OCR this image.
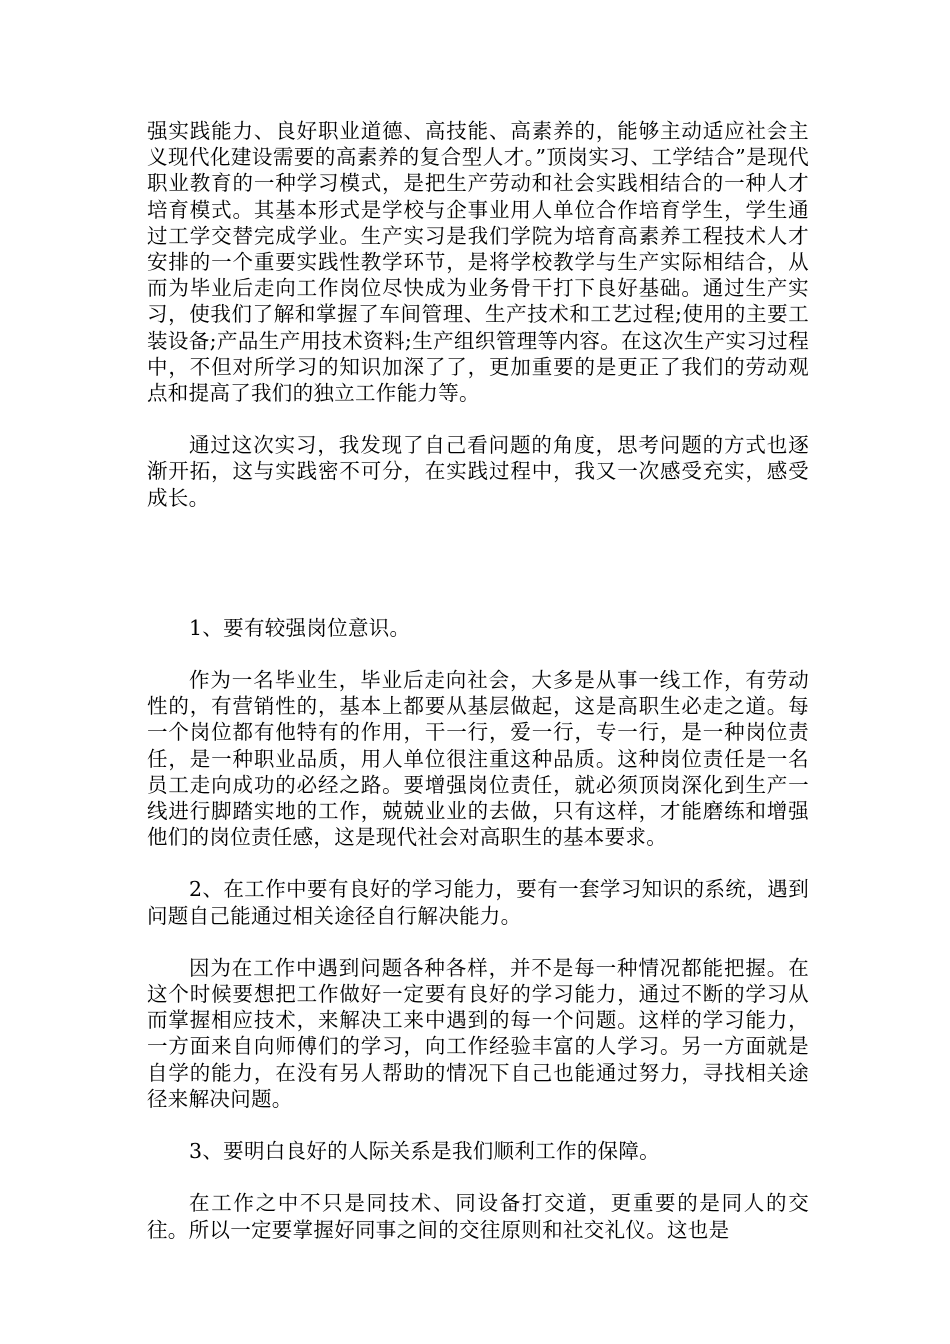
强实践能力、良好职业道德、高技能、高素养的，能够主动适应社会主义现代化建设需要的高素养的复合型人才。”顶岗实习、工学结合”是现代职业教育的一种学习模式，是把生产劳动和社会实践相结合的一种人才培育模式。其基本形式是学校与企事业用人单位合作培育学生，学生通过工学交替完成学业。生产实习是我们学院为培育高素养工程技术人才安排的一个重要实践性教学环节，是将学校教学与生产实际相结合，从而为毕业后走向工作岗位尽快成为业务骨干打下良好基础。通过生产实习，使我们了解和掌握了车间管理、生产技术和工艺过程;使用的主要工装设备;产品生产用技术资料;生产组织管理等内容。在这次生产实习过程中，不但对所学习的知识加深了了，更加重要的是更正了我们的劳动观点和提高了我们的独立工作能力等。

通过这次实习，我发现了自己看问题的角度，思考问题的方式也逐渐开拓，这与实践密不可分，在实践过程中，我又一次感受充实，感受成长。

1、要有较强岗位意识。

作为一名毕业生，毕业后走向社会，大多是从事一线工作，有劳动性的，有营销性的，基本上都要从基层做起，这是高职生必走之道。每一个岗位都有他特有的作用，干一行，爱一行，专一行，是一种岗位责任，是一种职业品质，用人单位很注重这种品质。这种岗位责任是一名员工走向成功的必经之路。要增强岗位责任，就必须顶岗深化到生产一线进行脚踏实地的工作，兢兢业业的去做，只有这样，才能磨练和增强他们的岗位责任感，这是现代社会对高职生的基本要求。

2、在工作中要有良好的学习能力，要有一套学习知识的系统，遇到问题自己能通过相关途径自行解决能力。

因为在工作中遇到问题各种各样，并不是每一种情况都能把握。在这个时候要想把工作做好一定要有良好的学习能力，通过不断的学习从而掌握相应技术，来解决工来中遇到的每一个问题。这样的学习能力，一方面来自向师傅们的学习，向工作经验丰富的人学习。另一方面就是自学的能力，在没有另人帮助的情况下自己也能通过努力，寻找相关途径来解决问题。

3、要明白良好的人际关系是我们顺利工作的保障。

在工作之中不只是同技术、同设备打交道，更重要的是同人的交往。所以一定要掌握好同事之间的交往原则和社交礼仪。这也是
